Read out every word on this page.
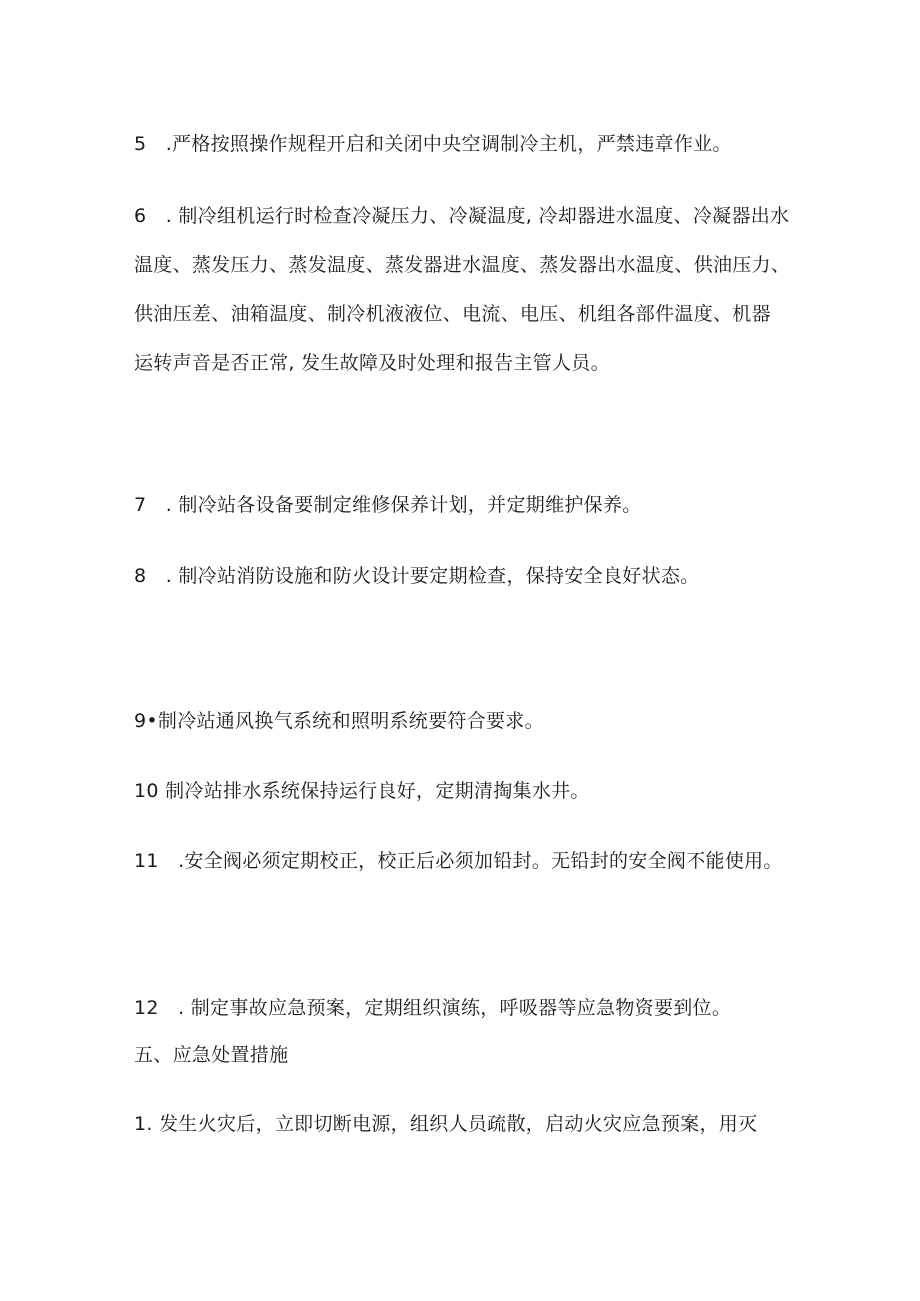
5　.严格按照操作规程开启和关闭中央空调制冷主机，严禁违章作业。
6　. 制冷组机运行时检查冷凝压力、冷凝温度, 冷却器进水温度、冷凝器出水
温度、蒸发压力、蒸发温度、蒸发器进水温度、蒸发器出水温度、供油压力、
供油压差、油箱温度、制冷机液液位、电流、电压、机组各部件温度、机器
运转声音是否正常, 发生故障及时处理和报告主管人员。
7　. 制冷站各设备要制定维修保养计划，并定期维护保养。
8　. 制冷站消防设施和防火设计要定期检查，保持安全良好状态。
9•制冷站通风换气系统和照明系统要符合要求。
10 制冷站排水系统保持运行良好，定期清掏集水井。
11　.安全阀必须定期校正，校正后必须加铅封。无铅封的安全阀不能使用。
12　. 制定事故应急预案，定期组织演练，呼吸器等应急物资要到位。
五、应急处置措施
1. 发生火灾后，立即切断电源，组织人员疏散，启动火灾应急预案，用灭
